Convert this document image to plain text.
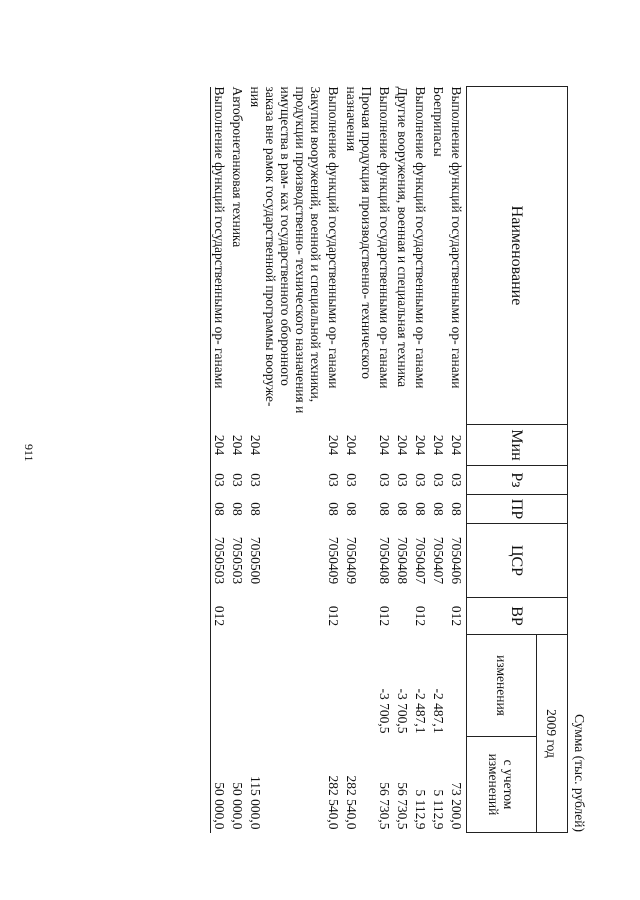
911
Сумма (тыс. рублей)
Наименование	Мин	Рз	ПР	ЦСР	ВР	2009 год	
						изменения	с учетом изменений
Выполнение функций государственными ор- ганами	204	03	08	7050406	012		73 200,0
Боеприпасы	204	03	08	7050407		-2 487,1	5 112,9
Выполнение функций государственными ор- ганами	204	03	08	7050407	012	-2 487,1	5 112,9
Другие вооружения, военная и специальная техника	204	03	08	7050408		-3 700,5	56 730,5
Выполнение функций государственными ор- ганами	204	03	08	7050408	012	-3 700,5	56 730,5
Прочая продукция производственно- технического назначения	204	03	08	7050409			282 540,0
Выполнение функций государственными ор- ганами	204	03	08	7050409	012		282 540,0
Закупки вооружений, военной и специальной техники, продукции производственно- технического назначения и имущества в рам- ках государственного оборонного заказа вне рамок государственной программы вооруже- ния	204	03	08	7050500			115 000,0
Автобронетанковая техника	204	03	08	7050503			50 000,0
Выполнение функций государственными ор- ганами	204	03	08	7050503	012		50 000,0
